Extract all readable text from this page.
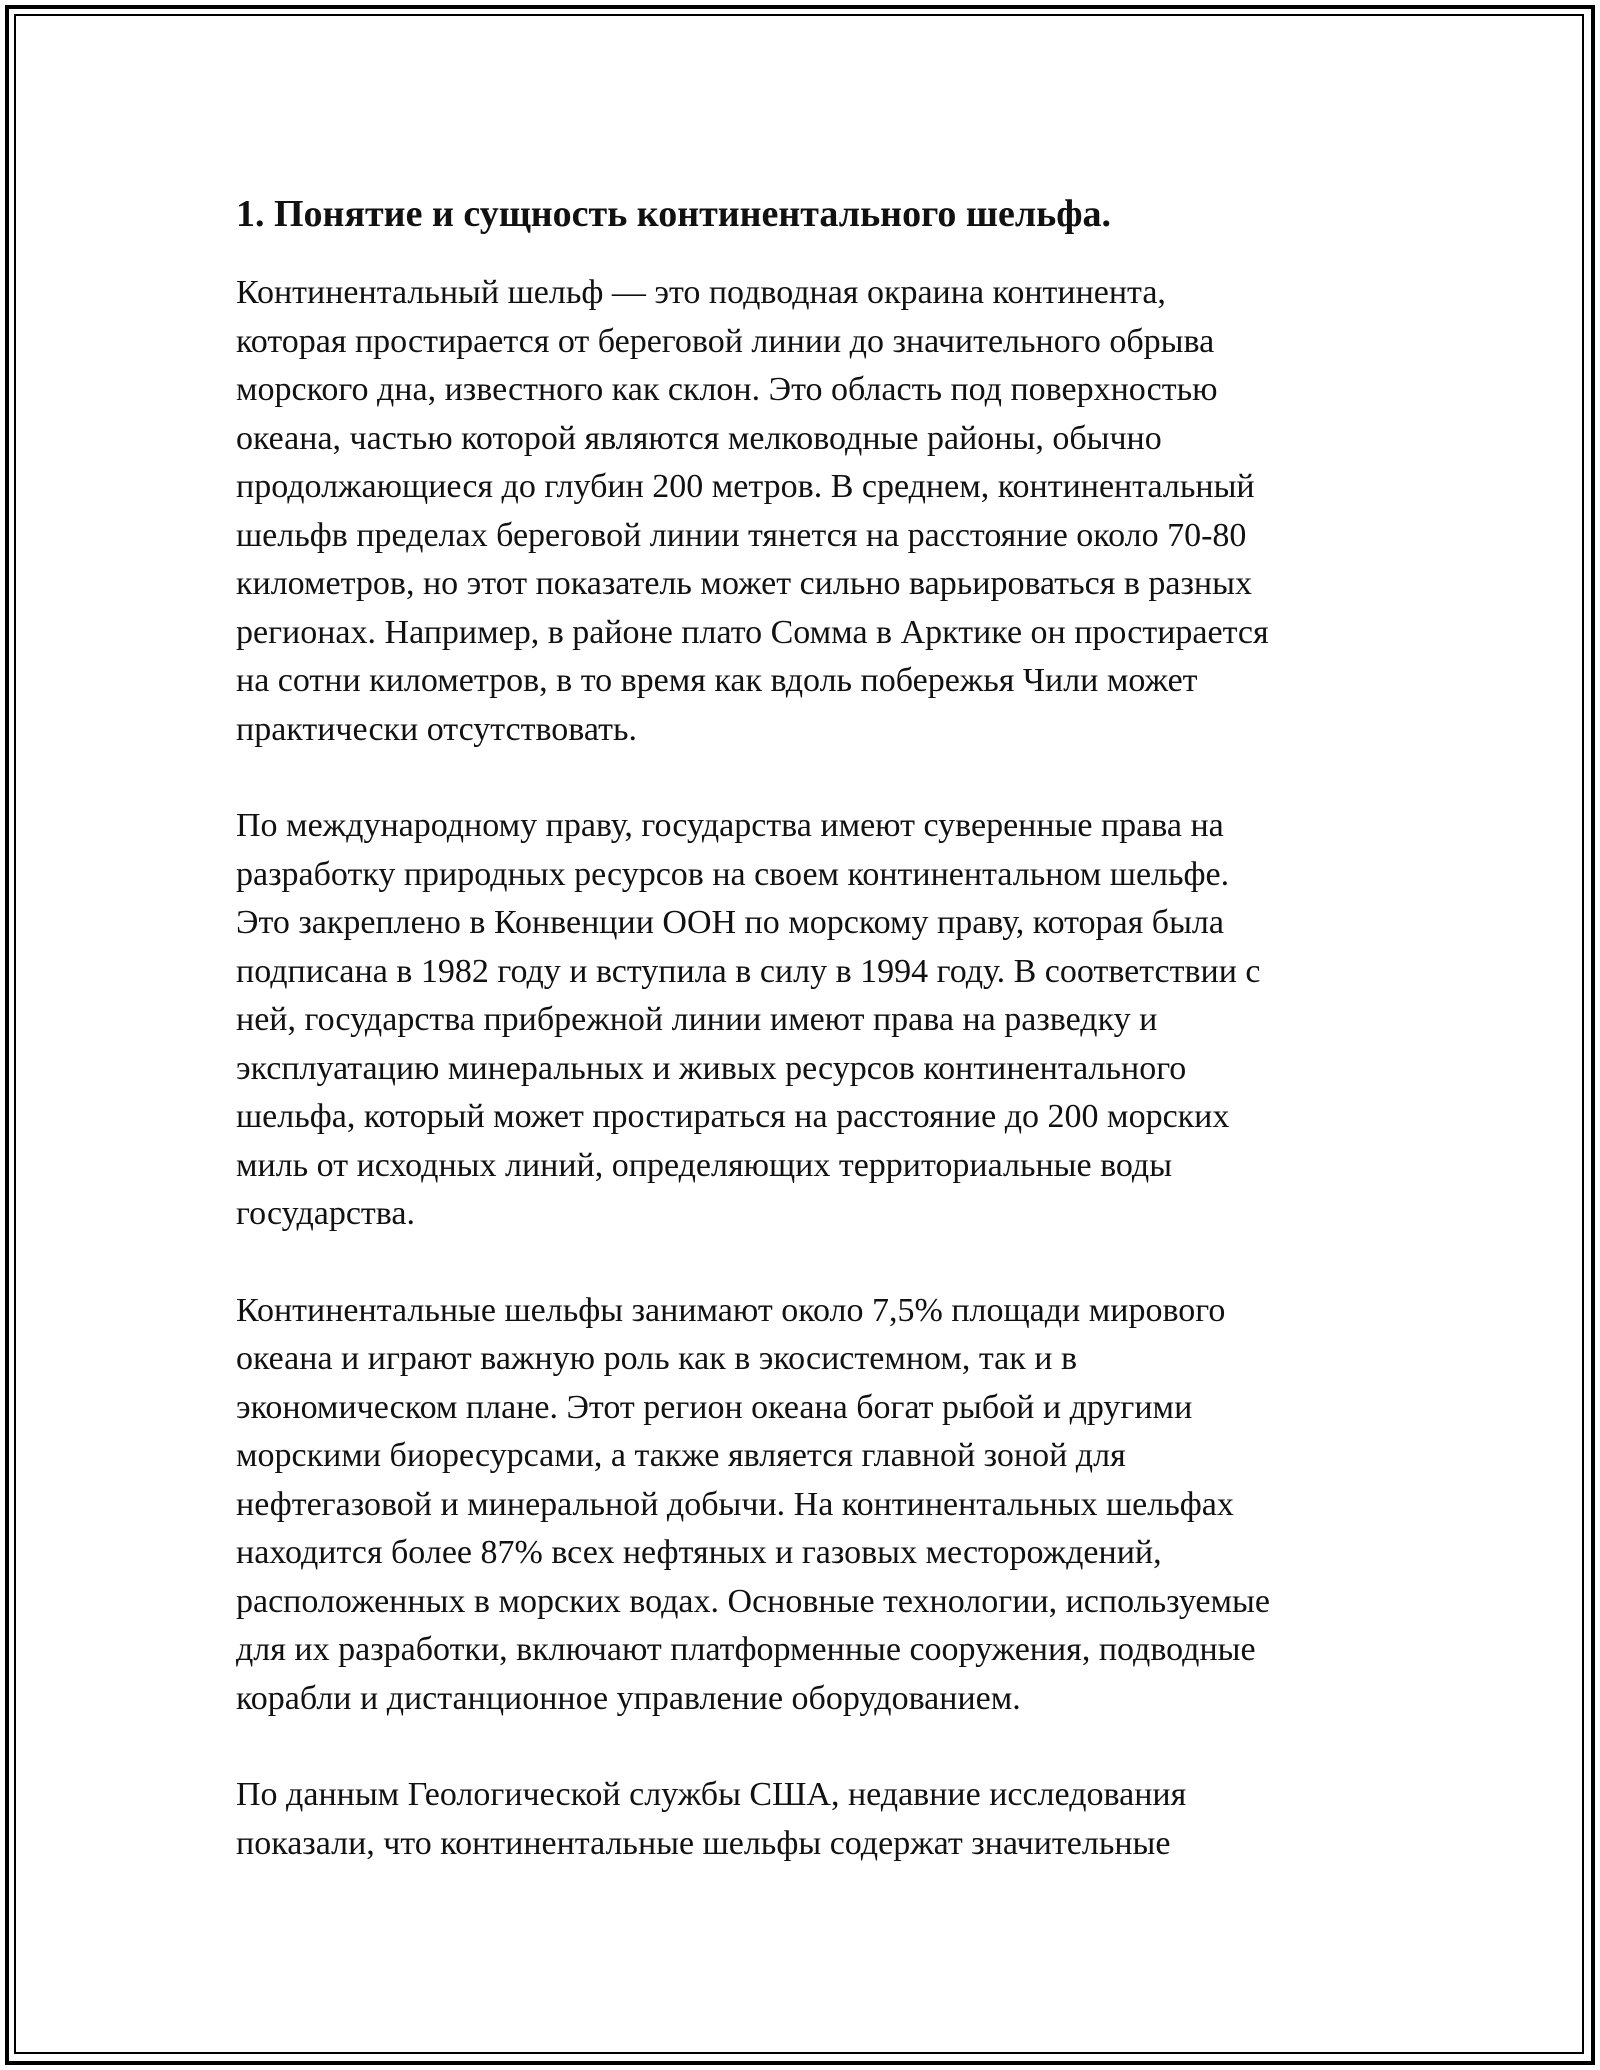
1. Понятие и сущность континентального шельфа.
Континентальный шельф — это подводная окраина континента,
которая простирается от береговой линии до значительного обрыва
морского дна, известного как склон. Это область под поверхностью
океана, частью которой являются мелководные районы, обычно
продолжающиеся до глубин 200 метров. В среднем, континентальный
шельфв пределах береговой линии тянется на расстояние около 70-80
километров, но этот показатель может сильно варьироваться в разных
регионах. Например, в районе плато Сомма в Арктике он простирается
на сотни километров, в то время как вдоль побережья Чили может
практически отсутствовать.
По международному праву, государства имеют суверенные права на
разработку природных ресурсов на своем континентальном шельфе.
Это закреплено в Конвенции ООН по морскому праву, которая была
подписана в 1982 году и вступила в силу в 1994 году. В соответствии с
ней, государства прибрежной линии имеют права на разведку и
эксплуатацию минеральных и живых ресурсов континентального
шельфа, который может простираться на расстояние до 200 морских
миль от исходных линий, определяющих территориальные воды
государства.
Континентальные шельфы занимают около 7,5% площади мирового
океана и играют важную роль как в экосистемном, так и в
экономическом плане. Этот регион океана богат рыбой и другими
морскими биоресурсами, а также является главной зоной для
нефтегазовой и минеральной добычи. На континентальных шельфах
находится более 87% всех нефтяных и газовых месторождений,
расположенных в морских водах. Основные технологии, используемые
для их разработки, включают платформенные сооружения, подводные
корабли и дистанционное управление оборудованием.
По данным Геологической службы США, недавние исследования
показали, что континентальные шельфы содержат значительные
